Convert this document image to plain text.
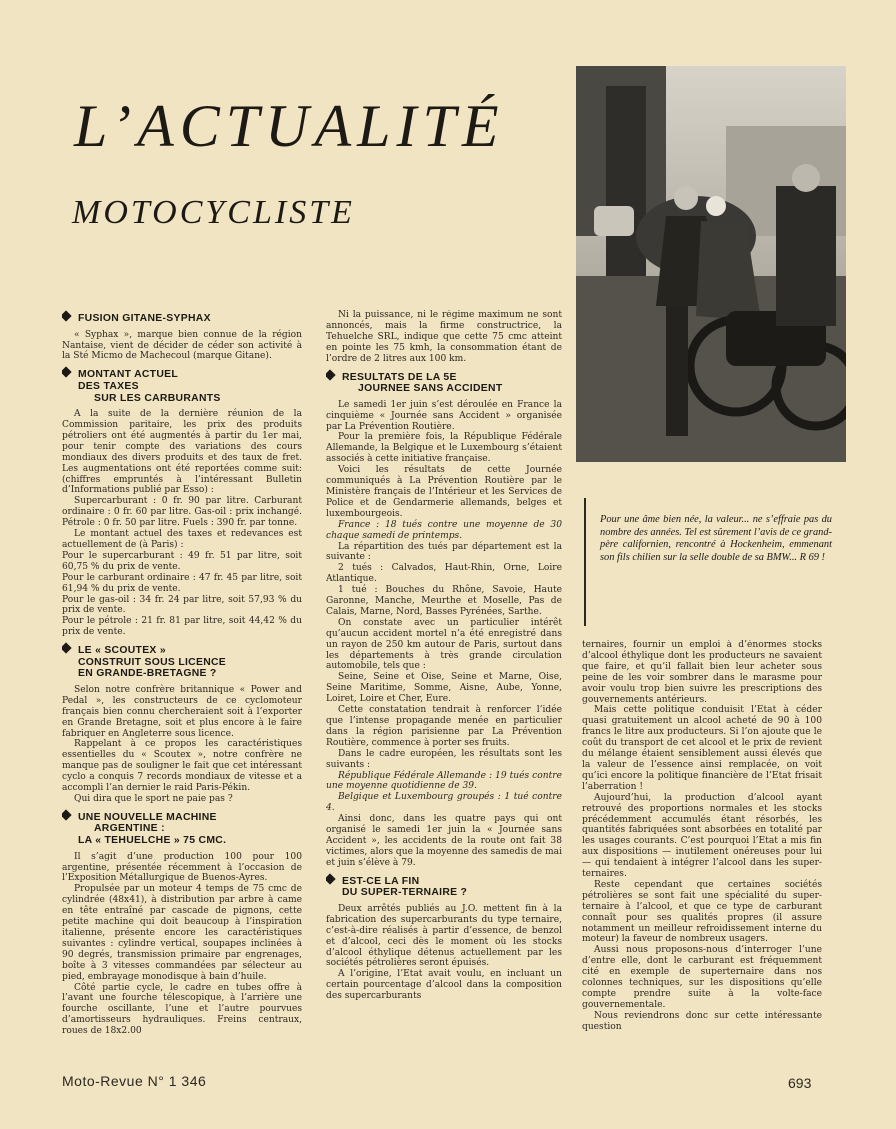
L’ACTUALITÉ
MOTOCYCLISTE
Pour une âme bien née, la valeur... ne s’effraie pas du nombre des années. Tel est sûrement l’avis de ce grand-père californien, rencontré à Hockenheim, emmenant son fils chilien sur la selle double de sa BMW... R 69 !
FUSION GITANE-SYPHAX

« Syphax », marque bien connue de la région Nantaise, vient de décider de céder son activité à la Sté Micmo de Machecoul (marque Gitane).

MONTANT ACTUEL
DES TAXES
SUR LES CARBURANTS

A la suite de la dernière réunion de la Commission paritaire, les prix des produits pétroliers ont été augmentés à partir du 1er mai, pour tenir compte des variations des cours mondiaux des divers produits et des taux de fret. Les augmentations ont été reportées comme suit: (chiffres empruntés à l’intéressant Bulletin d’Informations publié par Esso) :

Supercarburant : 0 fr. 90 par litre. Carburant ordinaire : 0 fr. 60 par litre. Gas-oil : prix inchangé. Pétrole : 0 fr. 50 par litre. Fuels : 390 fr. par tonne.

Le montant actuel des taxes et redevances est actuellement de (à Paris) :

Pour le supercarburant : 49 fr. 51 par litre, soit 60,75 % du prix de vente.

Pour le carburant ordinaire : 47 fr. 45 par litre, soit 61,94 % du prix de vente.

Pour le gas-oil : 34 fr. 24 par litre, soit 57,93 % du prix de vente.

Pour le pétrole : 21 fr. 81 par litre, soit 44,42 % du prix de vente.

LE « SCOUTEX »
CONSTRUIT SOUS LICENCE
EN GRANDE-BRETAGNE ?

Selon notre confrère britannique « Power and Pedal », les constructeurs de ce cyclomoteur français bien connu chercheraient soit à l’exporter en Grande Bretagne, soit et plus encore à le faire fabriquer en Angleterre sous licence.

Rappelant à ce propos les caractéristiques essentielles du « Scoutex », notre confrère ne manque pas de souligner le fait que cet intéressant cyclo a conquis 7 records mondiaux de vitesse et a accompli l’an dernier le raid Paris-Pékin.

Qui dira que le sport ne paie pas ?

UNE NOUVELLE MACHINE
ARGENTINE :
LA « TEHUELCHE » 75 CMC.

Il s’agit d’une production 100 pour 100 argentine, présentée récemment à l’occasion de l’Exposition Métallurgique de Buenos-Ayres.

Propulsée par un moteur 4 temps de 75 cmc de cylindrée (48x41), à distribution par arbre à came en tête entraîné par cascade de pignons, cette petite machine qui doit beaucoup à l’inspiration italienne, présente encore les caractéristiques suivantes : cylindre vertical, soupapes inclinées à 90 degrés, transmission primaire par engrenages, boîte à 3 vitesses commandées par sélecteur au pied, embrayage monodisque à bain d’huile.

Côté partie cycle, le cadre en tubes offre à l’avant une fourche télescopique, à l’arrière une fourche oscillante, l’une et l’autre pourvues d’amortisseurs hydrauliques. Freins centraux, roues de 18x2.00

Ni la puissance, ni le régime maximum ne sont annoncés, mais la firme constructrice, la Tehuelche SRL, indique que cette 75 cmc atteint en pointe les 75 kmh, la consommation étant de l’ordre de 2 litres aux 100 km.

RESULTATS DE LA 5E
JOURNEE SANS ACCIDENT

Le samedi 1er juin s’est déroulée en France la cinquième « Journée sans Accident » organisée par La Prévention Routière.

Pour la première fois, la République Fédérale Allemande, la Belgique et le Luxembourg s’étaient associés à cette initiative française.

Voici les résultats de cette Journée communiqués à La Prévention Routière par le Ministère français de l’Intérieur et les Services de Police et de Gendarmerie allemands, belges et luxembourgeois.

France : 18 tués contre une moyenne de 30 chaque samedi de printemps.

La répartition des tués par département est la suivante :

2 tués : Calvados, Haut-Rhin, Orne, Loire Atlantique.

1 tué : Bouches du Rhône, Savoie, Haute Garonne, Manche, Meurthe et Moselle, Pas de Calais, Marne, Nord, Basses Pyrénées, Sarthe.

On constate avec un particulier intérêt qu’aucun accident mortel n’a été enregistré dans un rayon de 250 km autour de Paris, surtout dans les départements à très grande circulation automobile, tels que :

Seine, Seine et Oise, Seine et Marne, Oise, Seine Maritime, Somme, Aisne, Aube, Yonne, Loiret, Loire et Cher, Eure.

Cette constatation tendrait à renforcer l’idée que l’intense propagande menée en particulier dans la région parisienne par La Prévention Routière, commence à porter ses fruits.

Dans le cadre européen, les résultats sont les suivants :

République Fédérale Allemande : 19 tués contre une moyenne quotidienne de 39.

Belgique et Luxembourg groupés : 1 tué contre 4.

Ainsi donc, dans les quatre pays qui ont organisé le samedi 1er juin la « Journée sans Accident », les accidents de la route ont fait 38 victimes, alors que la moyenne des samedis de mai et juin s’élève à 79.

EST-CE LA FIN
DU SUPER-TERNAIRE ?

Deux arrêtés publiés au J.O. mettent fin à la fabrication des supercarburants du type ternaire, c’est-à-dire réalisés à partir d’essence, de benzol et d’alcool, ceci dès le moment où les stocks d’alcool éthylique détenus actuellement par les sociétés pétrolières seront épuisés.

A l’origine, l’Etat avait voulu, en incluant un certain pourcentage d’alcool dans la composition des supercarburants

ternaires, fournir un emploi à d’énormes stocks d’alcool éthylique dont les producteurs ne savaient que faire, et qu’il fallait bien leur acheter sous peine de les voir sombrer dans le marasme pour avoir voulu trop bien suivre les prescriptions des gouvernements antérieurs.

Mais cette politique conduisit l’Etat à céder quasi gratuitement un alcool acheté de 90 à 100 francs le litre aux producteurs. Si l’on ajoute que le coût du transport de cet alcool et le prix de revient du mélange étaient sensiblement aussi élevés que la valeur de l’essence ainsi remplacée, on voit qu’ici encore la politique financière de l’Etat frisait l’aberration !

Aujourd’hui, la production d’alcool ayant retrouvé des proportions normales et les stocks précédemment accumulés étant résorbés, les quantités fabriquées sont absorbées en totalité par les usages courants. C’est pourquoi l’Etat a mis fin aux dispositions — inutilement onéreuses pour lui — qui tendaient à intégrer l’alcool dans les super-ternaires.

Reste cependant que certaines sociétés pétrolières se sont fait une spécialité du super-ternaire à l’alcool, et que ce type de carburant connaît pour ses qualités propres (il assure notamment un meilleur refroidissement interne du moteur) la faveur de nombreux usagers.

Aussi nous proposons-nous d’interroger l’une d’entre elle, dont le carburant est fréquemment cité en exemple de superternaire dans nos colonnes techniques, sur les dispositions qu’elle compte prendre suite à la volte-face gouvernementale.

Nous reviendrons donc sur cette intéressante question

Moto-Revue N° 1 346	693
